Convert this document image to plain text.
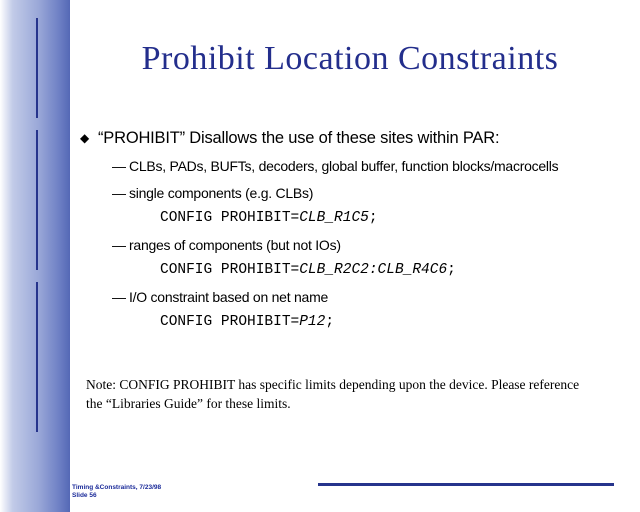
Prohibit Location Constraints
◆ “PROHIBIT” Disallows the use of these sites within PAR:
— CLBs, PADs, BUFTs, decoders, global buffer, function blocks/macrocells
— single components (e.g. CLBs)
CONFIG PROHIBIT=CLB_R1C5;
— ranges of components (but not IOs)
CONFIG PROHIBIT=CLB_R2C2:CLB_R4C6;
— I/O constraint based on net name
CONFIG PROHIBIT=P12;
Note: CONFIG PROHIBIT has specific limits depending upon the device. Please reference the “Libraries Guide” for these limits.
Timing &Constraints, 7/23/98
Slide 56
